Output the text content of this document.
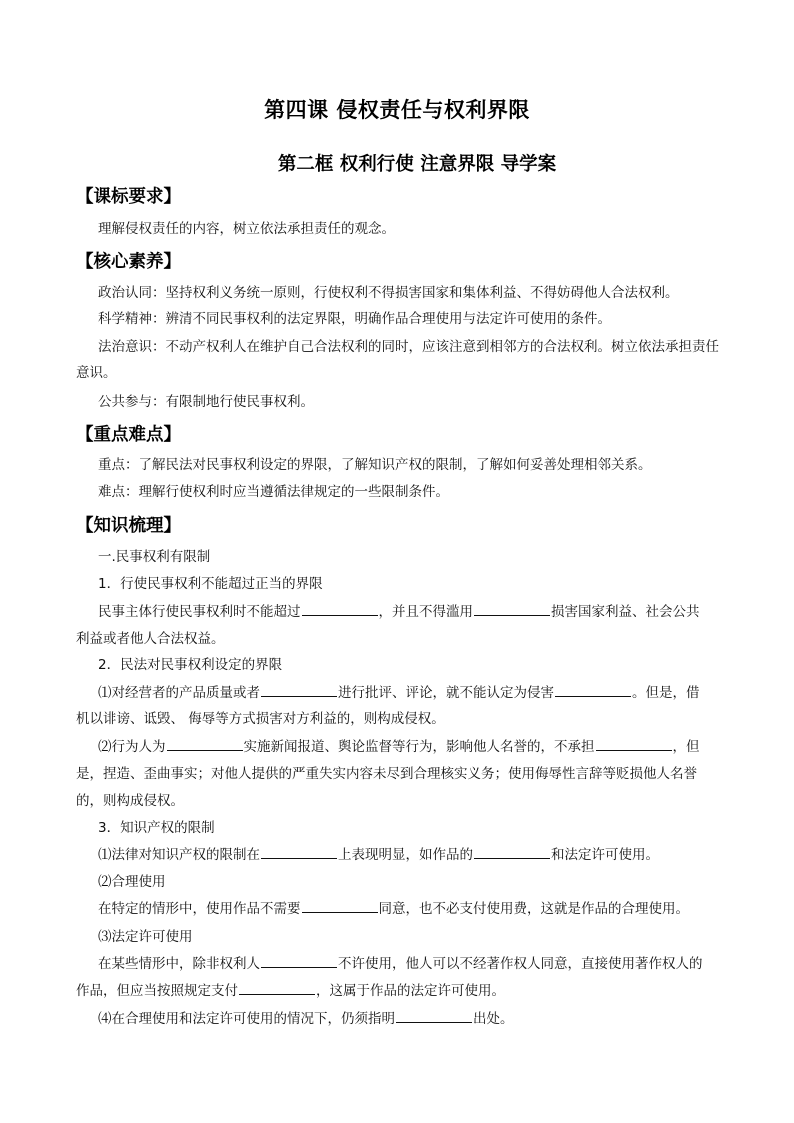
第四课 侵权责任与权利界限
第二框 权利行使 注意界限 导学案
【课标要求】
理解侵权责任的内容，树立依法承担责任的观念。
【核心素养】
政治认同：坚持权利义务统一原则，行使权利不得损害国家和集体利益、不得妨碍他人合法权利。
科学精神：辨清不同民事权利的法定界限，明确作品合理使用与法定许可使用的条件。
法治意识：不动产权利人在维护自己合法权利的同时，应该注意到相邻方的合法权利。树立依法承担责任意识。
公共参与：有限制地行使民事权利。
【重点难点】
重点：了解民法对民事权利设定的界限，了解知识产权的限制，了解如何妥善处理相邻关系。
难点：理解行使权利时应当遵循法律规定的一些限制条件。
【知识梳理】
一.民事权利有限制
1．行使民事权利不能超过正当的界限
民事主体行使民事权利时不能超过	，并且不得滥用	损害国家利益、社会公共
利益或者他人合法权益。
2．民法对民事权利设定的界限
⑴对经营者的产品质量或者	进行批评、评论，就不能认定为侵害	。但是，借
机以诽谤、诋毁、 侮辱等方式损害对方利益的，则构成侵权。
⑵行为人为	实施新闻报道、舆论监督等行为，影响他人名誉的，不承担	，但
是，捏造、歪曲事实；对他人提供的严重失实内容未尽到合理核实义务；使用侮辱性言辞等贬损他人名誉
的，则构成侵权。
3．知识产权的限制
⑴法律对知识产权的限制在	上表现明显，如作品的	和法定许可使用。
⑵合理使用
在特定的情形中，使用作品不需要	同意，也不必支付使用费，这就是作品的合理使用。
⑶法定许可使用
在某些情形中，除非权利人	不许使用，他人可以不经著作权人同意，直接使用著作权人的
作品，但应当按照规定支付	，这属于作品的法定许可使用。
⑷在合理使用和法定许可使用的情况下，仍须指明	出处。
